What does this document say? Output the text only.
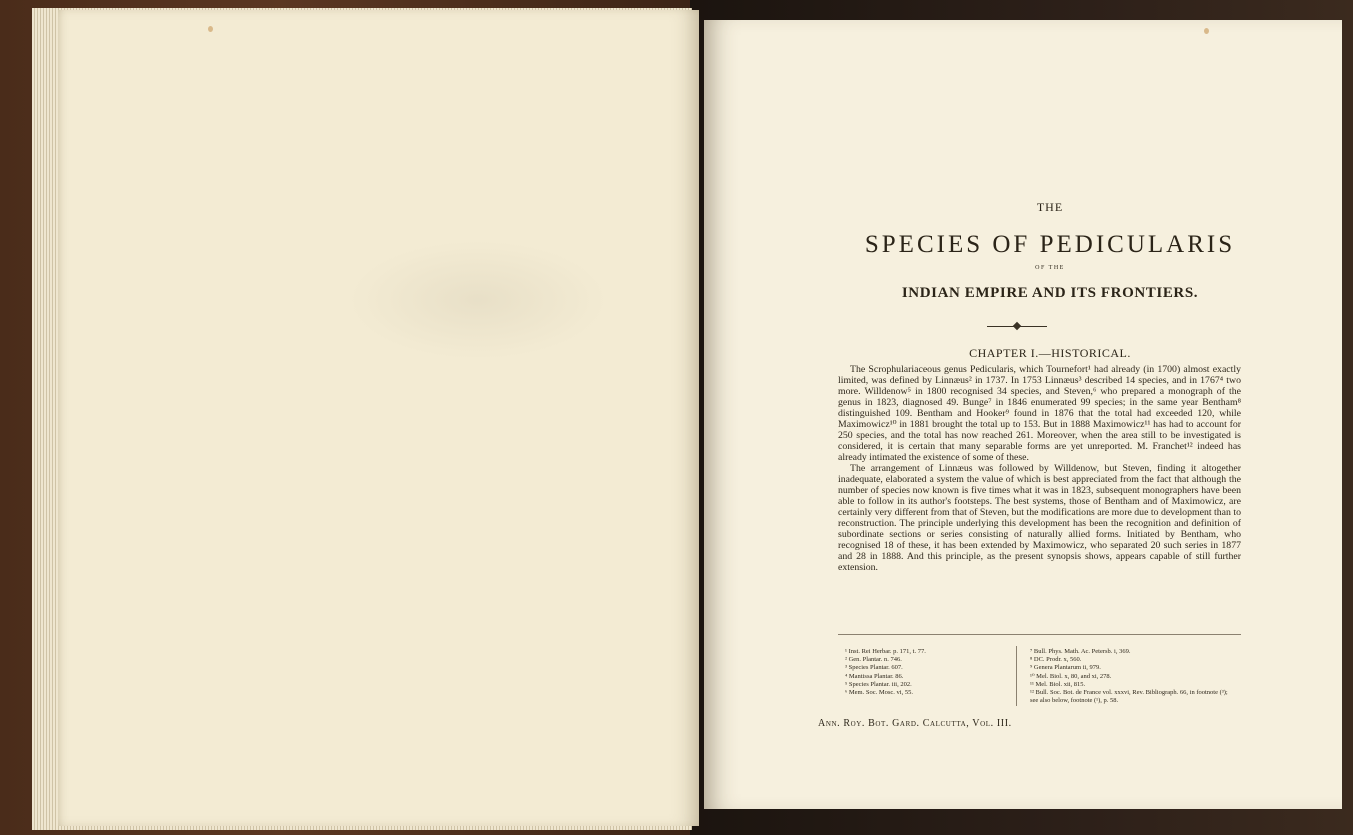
THE

SPECIES OF PEDICULARIS

OF THE

INDIAN EMPIRE AND ITS FRONTIERS.

CHAPTER I.—HISTORICAL.

The Scrophulariaceous genus Pedicularis, which Tournefort¹ had already (in 1700) almost exactly limited, was defined by Linnæus² in 1737. In 1753 Linnæus³ described 14 species, and in 1767⁴ two more. Willdenow⁵ in 1800 recognised 34 species, and Steven,⁶ who prepared a monograph of the genus in 1823, diagnosed 49. Bunge⁷ in 1846 enumerated 99 species; in the same year Bentham⁸ distinguished 109. Bentham and Hooker⁹ found in 1876 that the total had exceeded 120, while Maximowicz¹⁰ in 1881 brought the total up to 153. But in 1888 Maximowicz¹¹ has had to account for 250 species, and the total has now reached 261. Moreover, when the area still to be investigated is considered, it is certain that many separable forms are yet unreported. M. Franchet¹² indeed has already intimated the existence of some of these.

The arrangement of Linnæus was followed by Willdenow, but Steven, finding it altogether inadequate, elaborated a system the value of which is best appreciated from the fact that although the number of species now known is five times what it was in 1823, subsequent monographers have been able to follow in its author's footsteps. The best systems, those of Bentham and of Maximowicz, are certainly very different from that of Steven, but the modifications are more due to development than to reconstruction. The principle underlying this development has been the recognition and definition of subordinate sections or series consisting of naturally allied forms. Initiated by Bentham, who recognised 18 of these, it has been extended by Maximowicz, who separated 20 such series in 1877 and 28 in 1888. And this principle, as the present synopsis shows, appears capable of still further extension.

¹ Inst. Rei Herbar. p. 171, t. 77.
² Gen. Plantar. n. 746.
³ Species Plantar. 607.
⁴ Mantissa Plantar. 86.
⁵ Species Plantar. iii, 202.
⁶ Mem. Soc. Mosc. vi, 55.
⁷ Bull. Phys. Math. Ac. Petersb. i, 369.
⁸ DC. Prodr. x, 560.
⁹ Genera Plantarum ii, 979.
¹⁰ Mel. Biol. x, 80, and xi, 278.
¹¹ Mel. Biol. xii, 815.
¹² Bull. Soc. Bot. de France vol. xxxvi, Rev. Bibliograph. 66, in footnote (³); see also below, footnote (¹), p. 58.

Ann. Roy. Bot. Gard. Calcutta, Vol. III.
